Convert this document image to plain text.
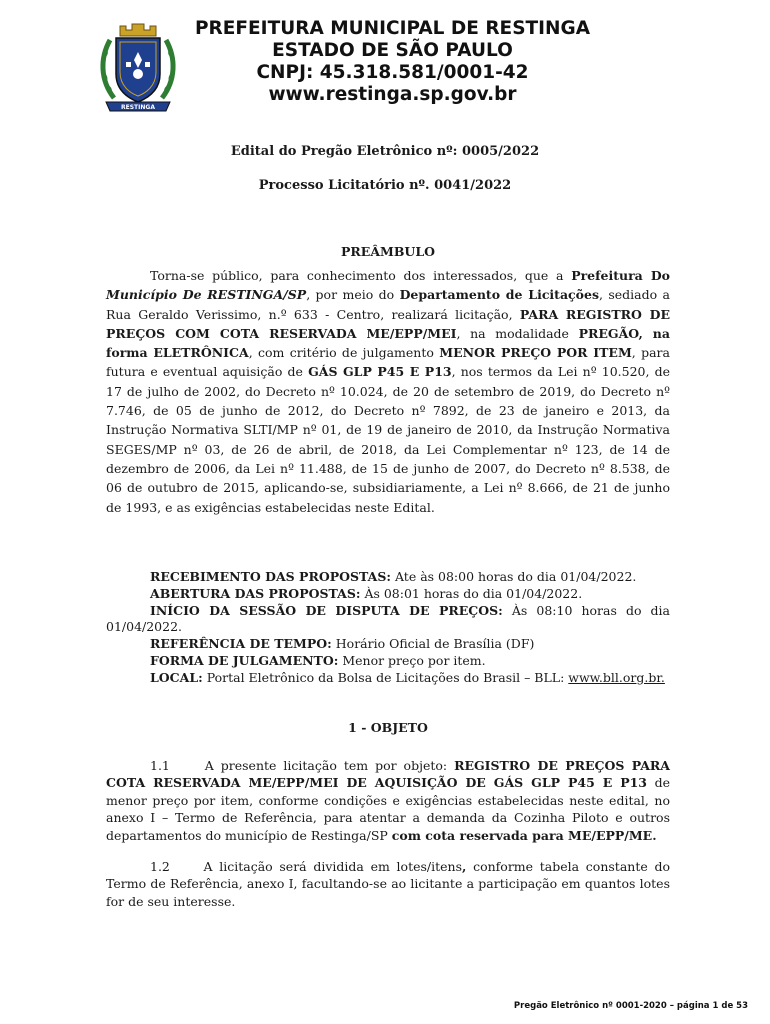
RESTINGA
PREFEITURA MUNICIPAL DE RESTINGA
ESTADO DE SÃO PAULO
CNPJ: 45.318.581/0001-42
www.restinga.sp.gov.br
Edital do Pregão Eletrônico nº: 0005/2022
Processo Licitatório nº. 0041/2022
PREÂMBULO
Torna-se público, para conhecimento dos interessados, que a Prefeitura Do Município De RESTINGA/SP, por meio do Departamento de Licitações, sediado a Rua Geraldo Verissimo, n.º 633 - Centro, realizará licitação, PARA REGISTRO DE PREÇOS COM COTA RESERVADA ME/EPP/MEI, na modalidade PREGÃO, na forma ELETRÔNICA, com critério de julgamento MENOR PREÇO POR ITEM, para futura e eventual aquisição de GÁS GLP P45 E P13, nos termos da Lei nº 10.520, de 17 de julho de 2002, do Decreto nº 10.024, de 20 de setembro de 2019, do Decreto nº 7.746, de 05 de junho de 2012, do Decreto nº 7892, de 23 de janeiro e 2013, da Instrução Normativa SLTI/MP nº 01, de 19 de janeiro de 2010, da Instrução Normativa SEGES/MP nº 03, de 26 de abril, de 2018, da Lei Complementar nº 123, de 14 de dezembro de 2006, da Lei nº 11.488, de 15 de junho de 2007, do Decreto nº 8.538, de 06 de outubro de 2015, aplicando-se, subsidiariamente, a Lei nº 8.666, de 21 de junho de 1993, e as exigências estabelecidas neste Edital.
RECEBIMENTO DAS PROPOSTAS: Ate às 08:00 horas do dia 01/04/2022.
ABERTURA DAS PROPOSTAS: Às 08:01 horas do dia 01/04/2022.
INÍCIO DA SESSÃO DE DISPUTA DE PREÇOS: Às 08:10 horas do dia 01/04/2022.
REFERÊNCIA DE TEMPO: Horário Oficial de Brasília (DF)
FORMA DE JULGAMENTO: Menor preço por item.
LOCAL: Portal Eletrônico da Bolsa de Licitações do Brasil – BLL: www.bll.org.br.
1 - OBJETO
1.1	A presente licitação tem por objeto: REGISTRO DE PREÇOS PARA COTA RESERVADA ME/EPP/MEI DE AQUISIÇÃO DE GÁS GLP P45 E P13 de menor preço por item, conforme condições e exigências estabelecidas neste edital, no anexo I – Termo de Referência, para atentar a demanda da Cozinha Piloto e outros departamentos do município de Restinga/SP com cota reservada para ME/EPP/ME.
1.2	A licitação será dividida em lotes/itens, conforme tabela constante do Termo de Referência, anexo I, facultando-se ao licitante a participação em quantos lotes for de seu interesse.
Pregão Eletrônico nº 0001-2020 – página 1 de 53
